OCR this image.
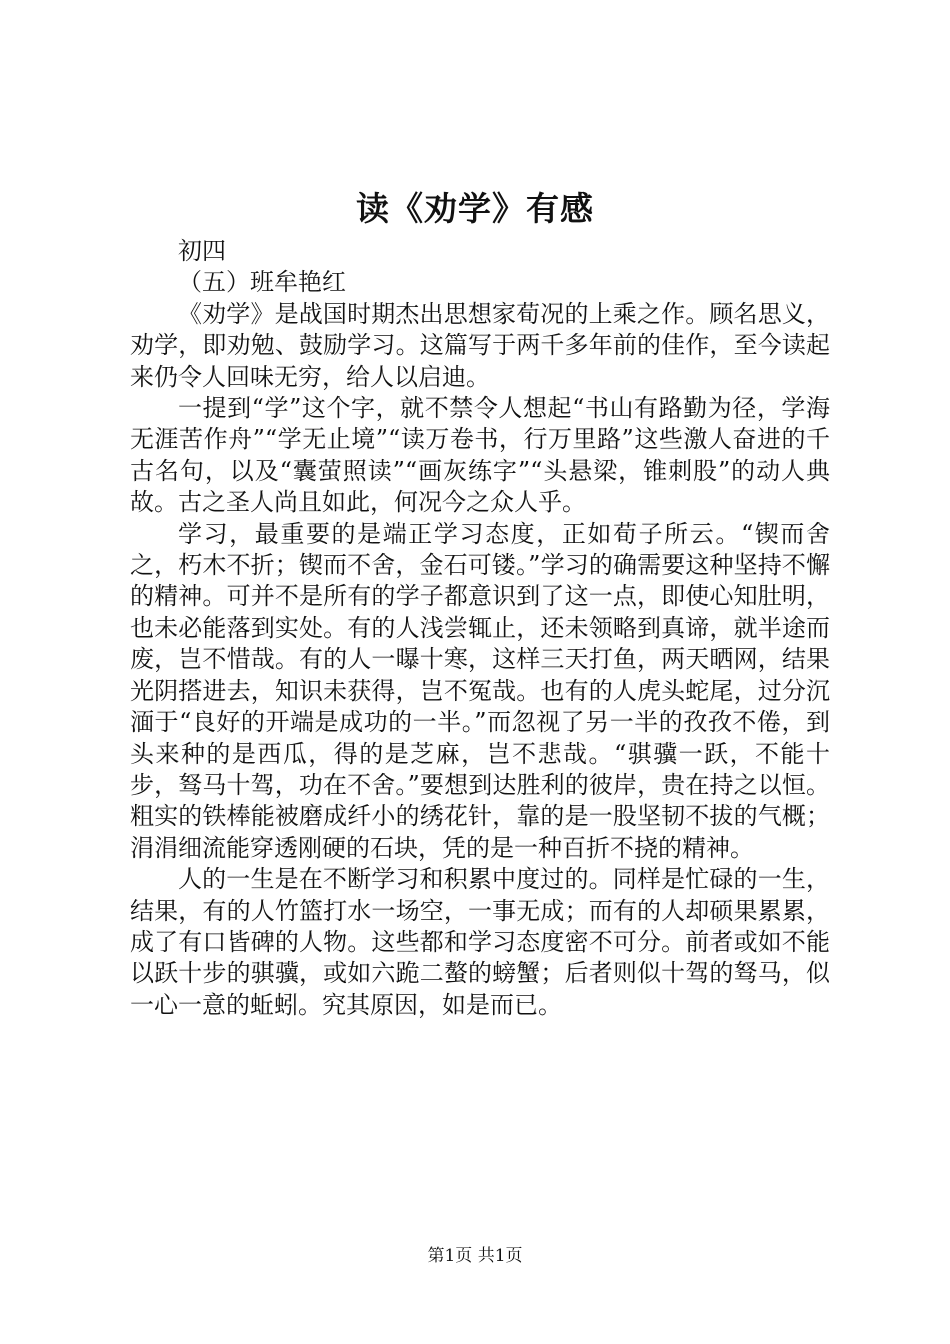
读《劝学》有感

初四

（五）班牟艳红

《劝学》是战国时期杰出思想家荀况的上乘之作。顾名思义，劝学，即劝勉、鼓励学习。这篇写于两千多年前的佳作，至今读起来仍令人回味无穷，给人以启迪。

一提到“学”这个字，就不禁令人想起“书山有路勤为径，学海无涯苦作舟”“学无止境”“读万卷书，行万里路”这些激人奋进的千古名句，以及“囊萤照读”“画灰练字”“头悬梁，锥刺股”的动人典故。古之圣人尚且如此，何况今之众人乎。

学习，最重要的是端正学习态度，正如荀子所云。“锲而舍之，朽木不折；锲而不舍，金石可镂。”学习的确需要这种坚持不懈的精神。可并不是所有的学子都意识到了这一点，即使心知肚明，也未必能落到实处。有的人浅尝辄止，还未领略到真谛，就半途而废，岂不惜哉。有的人一曝十寒，这样三天打鱼，两天晒网，结果光阴搭进去，知识未获得，岂不冤哉。也有的人虎头蛇尾，过分沉湎于“良好的开端是成功的一半。”而忽视了另一半的孜孜不倦，到头来种的是西瓜，得的是芝麻，岂不悲哉。“骐骥一跃，不能十步，驽马十驾，功在不舍。”要想到达胜利的彼岸，贵在持之以恒。粗实的铁棒能被磨成纤小的绣花针，靠的是一股坚韧不拔的气概；涓涓细流能穿透刚硬的石块，凭的是一种百折不挠的精神。

人的一生是在不断学习和积累中度过的。同样是忙碌的一生，结果，有的人竹篮打水一场空，一事无成；而有的人却硕果累累，成了有口皆碑的人物。这些都和学习态度密不可分。前者或如不能以跃十步的骐骥，或如六跪二螯的螃蟹；后者则似十驾的驽马，似一心一意的蚯蚓。究其原因，如是而已。

第1页 共1页
